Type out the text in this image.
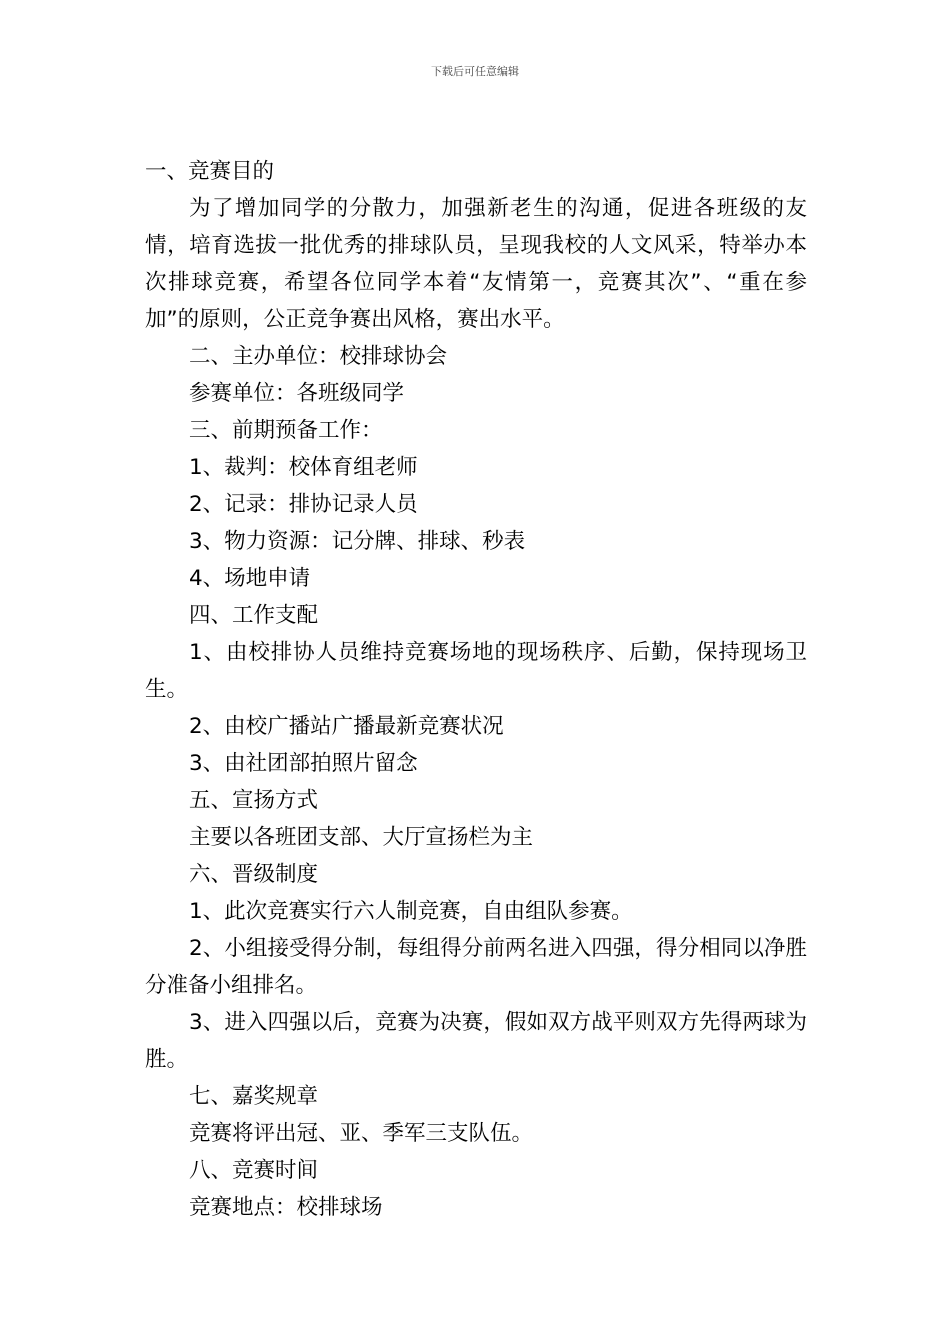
下载后可任意编辑
一、竞赛目的
为了增加同学的分散力，加强新老生的沟通，促进各班级的友情，培育选拔一批优秀的排球队员，呈现我校的人文风采，特举办本次排球竞赛，希望各位同学本着“友情第一，竞赛其次”、“重在参加”的原则，公正竞争赛出风格，赛出水平。
二、主办单位：校排球协会
参赛单位：各班级同学
三、前期预备工作：
1、裁判：校体育组老师
2、记录：排协记录人员
3、物力资源：记分牌、排球、秒表
4、场地申请
四、工作支配
1、由校排协人员维持竞赛场地的现场秩序、后勤，保持现场卫生。
2、由校广播站广播最新竞赛状况
3、由社团部拍照片留念
五、宣扬方式
主要以各班团支部、大厅宣扬栏为主
六、晋级制度
1、此次竞赛实行六人制竞赛，自由组队参赛。
2、小组接受得分制，每组得分前两名进入四强，得分相同以净胜分准备小组排名。
3、进入四强以后，竞赛为决赛，假如双方战平则双方先得两球为胜。
七、嘉奖规章
竞赛将评出冠、亚、季军三支队伍。
八、竞赛时间
竞赛地点：校排球场
